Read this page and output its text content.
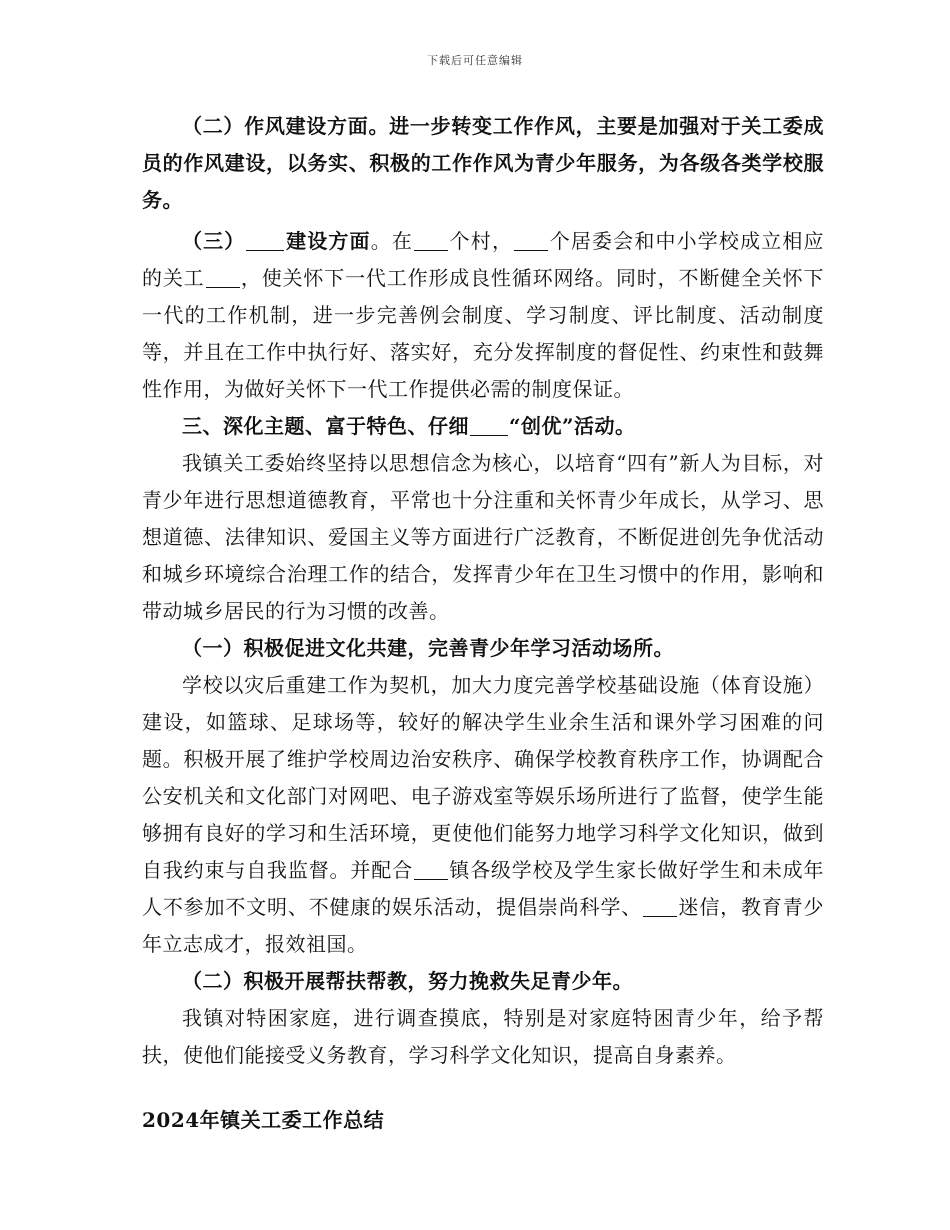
下载后可任意编辑

（二）作风建设方面。进一步转变工作作风，主要是加强对于关工委成员的作风建设，以务实、积极的工作作风为青少年服务，为各级各类学校服务。

（三） 建设方面。在 个村， 个居委会和中小学校成立相应的关工 ，使关怀下一代工作形成良性循环网络。同时，不断健全关怀下一代的工作机制，进一步完善例会制度、学习制度、评比制度、活动制度等，并且在工作中执行好、落实好，充分发挥制度的督促性、约束性和鼓舞性作用，为做好关怀下一代工作提供必需的制度保证。

三、深化主题、富于特色、仔细 “创优”活动。

我镇关工委始终坚持以思想信念为核心，以培育“四有”新人为目标，对青少年进行思想道德教育，平常也十分注重和关怀青少年成长，从学习、思想道德、法律知识、爱国主义等方面进行广泛教育，不断促进创先争优活动和城乡环境综合治理工作的结合，发挥青少年在卫生习惯中的作用，影响和带动城乡居民的行为习惯的改善。

（一）积极促进文化共建，完善青少年学习活动场所。

学校以灾后重建工作为契机，加大力度完善学校基础设施（体育设施）建设，如篮球、足球场等，较好的解决学生业余生活和课外学习困难的问题。积极开展了维护学校周边治安秩序、确保学校教育秩序工作，协调配合公安机关和文化部门对网吧、电子游戏室等娱乐场所进行了监督，使学生能够拥有良好的学习和生活环境，更使他们能努力地学习科学文化知识，做到自我约束与自我监督。并配合 镇各级学校及学生家长做好学生和未成年人不参加不文明、不健康的娱乐活动，提倡崇尚科学、 迷信，教育青少年立志成才，报效祖国。

（二）积极开展帮扶帮教，努力挽救失足青少年。

我镇对特困家庭，进行调查摸底，特别是对家庭特困青少年，给予帮扶，使他们能接受义务教育，学习科学文化知识，提高自身素养。

2024年镇关工委工作总结
